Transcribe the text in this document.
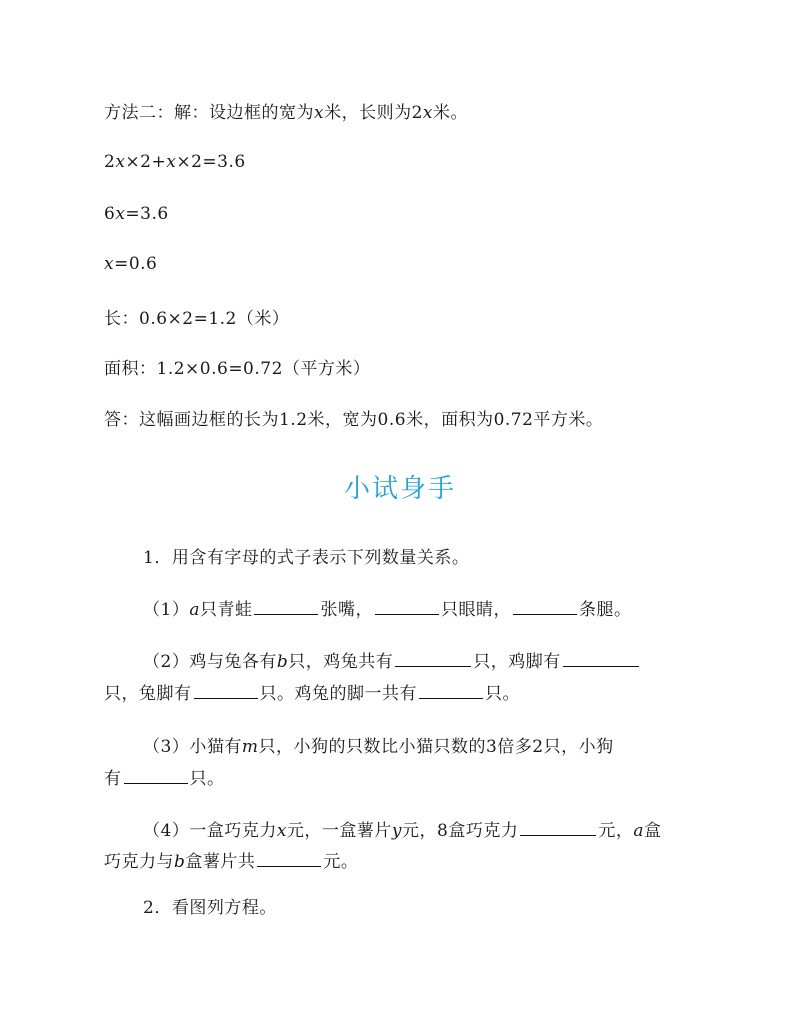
方法二：解：设边框的宽为x米，长则为2x米。
2x×2+x×2=3.6
6x=3.6
x=0.6
长：0.6×2=1.2（米）
面积：1.2×0.6=0.72（平方米）
答：这幅画边框的长为1.2米，宽为0.6米，面积为0.72平方米。
小试身手
1．用含有字母的式子表示下列数量关系。
（1）a只青蛙	张嘴，	只眼睛，	条腿。
（2）鸡与兔各有b只，鸡兔共有	只，鸡脚有
只，兔脚有	只。鸡兔的脚一共有	只。
（3）小猫有m只，小狗的只数比小猫只数的3倍多2只，小狗
有	只。
（4）一盒巧克力x元，一盒薯片y元，8盒巧克力	元，a盒
巧克力与b盒薯片共	元。
2．看图列方程。
